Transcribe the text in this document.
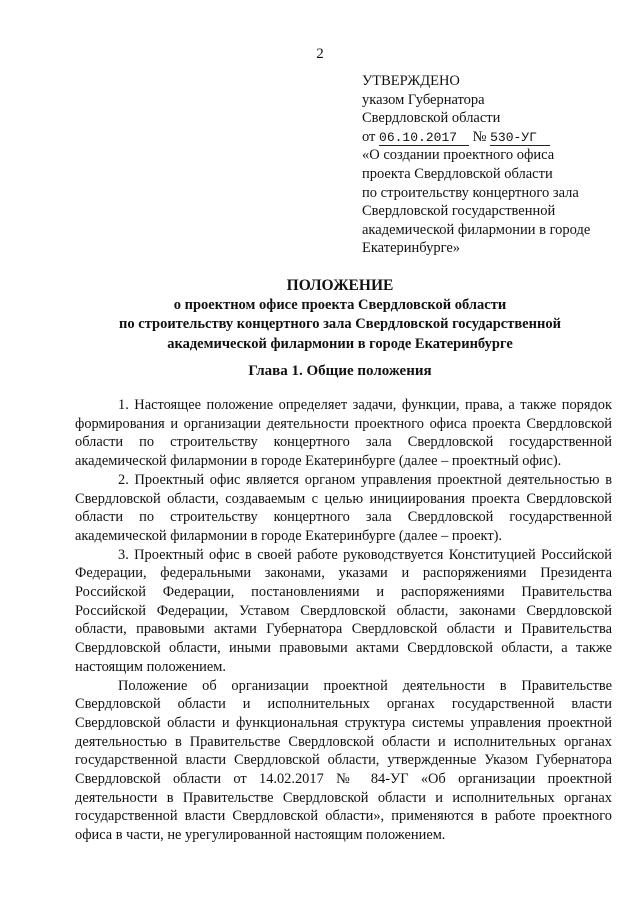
2
УТВЕРЖДЕНО
указом Губернатора
Свердловской области
от 06.10.2017 № 530-УГ
«О создании проектного офиса
проекта Свердловской области
по строительству концертного зала
Свердловской государственной
академической филармонии в городе
Екатеринбурге»
ПОЛОЖЕНИЕ
о проектном офисе проекта Свердловской области
по строительству концертного зала Свердловской государственной
академической филармонии в городе Екатеринбурге
Глава 1. Общие положения

1. Настоящее положение определяет задачи, функции, права, а также порядок формирования и организации деятельности проектного офиса проекта Свердловской области по строительству концертного зала Свердловской государственной академической филармонии в городе Екатеринбурге (далее – проектный офис).

2. Проектный офис является органом управления проектной деятельностью в Свердловской области, создаваемым с целью инициирования проекта Свердловской области по строительству концертного зала Свердловской государственной академической филармонии в городе Екатеринбурге (далее – проект).

3. Проектный офис в своей работе руководствуется Конституцией Российской Федерации, федеральными законами, указами и распоряжениями Президента Российской Федерации, постановлениями и распоряжениями Правительства Российской Федерации, Уставом Свердловской области, законами Свердловской области, правовыми актами Губернатора Свердловской области и Правительства Свердловской области, иными правовыми актами Свердловской области, а также настоящим положением.

Положение об организации проектной деятельности в Правительстве Свердловской области и исполнительных органах государственной власти Свердловской области и функциональная структура системы управления проектной деятельностью в Правительстве Свердловской области и исполнительных органах государственной власти Свердловской области, утвержденные Указом Губернатора Свердловской области от 14.02.2017 № 84-УГ «Об организации проектной деятельности в Правительстве Свердловской области и исполнительных органах государственной власти Свердловской области», применяются в работе проектного офиса в части, не урегулированной настоящим положением.
